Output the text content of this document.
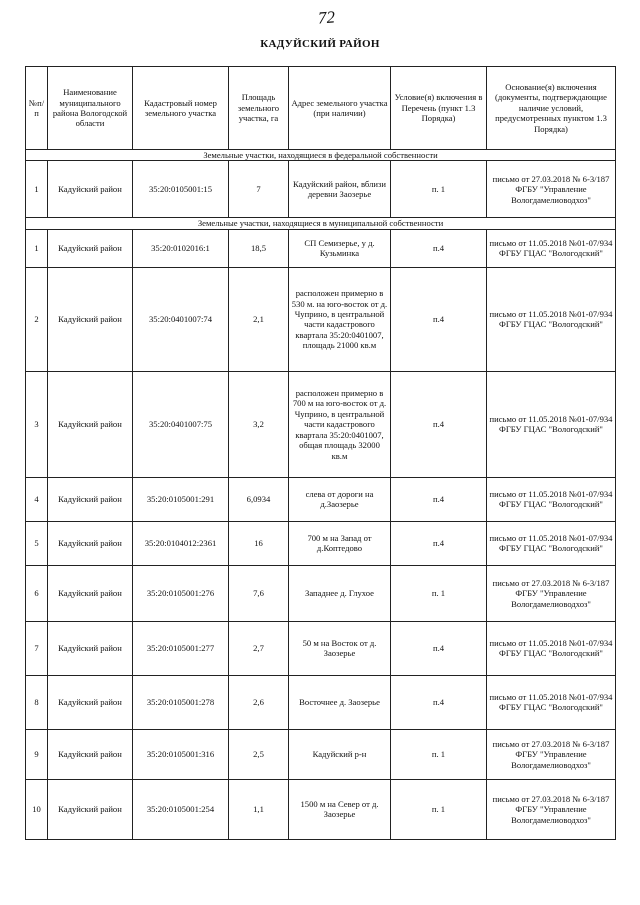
72
КАДУЙСКИЙ РАЙОН
№п/п	Наименование муниципального района Вологодской области	Кадастровый номер земельного участка	Площадь земельного участка, га	Адрес земельного участка (при наличии)	Условие(я) включения в Перечень (пункт 1.3 Порядка)	Основание(я) включения (документы, подтверждающие наличие условий, предусмотренных пунктом 1.3 Порядка)
Земельные участки, находящиеся в федеральной собственности						
1	Кадуйский район	35:20:0105001:15	7	Кадуйский район, вблизи деревни Заозерье	п. 1	письмо от 27.03.2018 № 6-3/187 ФГБУ "Управление Вологдамелиоводхоз"
Земельные участки, находящиеся в муниципальной собственности						
1	Кадуйский район	35:20:0102016:1	18,5	СП Семизерье, у д. Кузьминка	п.4	письмо от 11.05.2018 №01-07/934 ФГБУ ГЦАС "Вологодский"
2	Кадуйский район	35:20:0401007:74	2,1	расположен примерно в 530 м. на юго-восток от д. Чуприно, в центральной части кадастрового квартала 35:20:0401007, площадь 21000 кв.м	п.4	письмо от 11.05.2018 №01-07/934 ФГБУ ГЦАС "Вологодский"
3	Кадуйский район	35:20:0401007:75	3,2	расположен примерно в 700 м на юго-восток от д. Чуприно, в центральной части кадастрового квартала 35:20:0401007, общая площадь 32000 кв.м	п.4	письмо от 11.05.2018 №01-07/934 ФГБУ ГЦАС "Вологодский"
4	Кадуйский район	35:20:0105001:291	6,0934	слева от дороги на д.Заозерье	п.4	письмо от 11.05.2018 №01-07/934 ФГБУ ГЦАС "Вологодский"
5	Кадуйский район	35:20:0104012:2361	16	700 м на Запад от д.Коптедово	п.4	письмо от 11.05.2018 №01-07/934 ФГБУ ГЦАС "Вологодский"
6	Кадуйский район	35:20:0105001:276	7,6	Западнее д. Глухое	п. 1	письмо от 27.03.2018 № 6-3/187 ФГБУ "Управление Вологдамелиоводхоз"
7	Кадуйский район	35:20:0105001:277	2,7	50 м на Восток от д. Заозерье	п.4	письмо от 11.05.2018 №01-07/934 ФГБУ ГЦАС "Вологодский"
8	Кадуйский район	35:20:0105001:278	2,6	Восточнее д. Заозерье	п.4	письмо от 11.05.2018 №01-07/934 ФГБУ ГЦАС "Вологодский"
9	Кадуйский район	35:20:0105001:316	2,5	Кадуйский р-н	п. 1	письмо от 27.03.2018 № 6-3/187 ФГБУ "Управление Вологдамелиоводхоз"
10	Кадуйский район	35:20:0105001:254	1,1	1500 м на Север от д. Заозерье	п. 1	письмо от 27.03.2018 № 6-3/187 ФГБУ "Управление Вологдамелиоводхоз"
